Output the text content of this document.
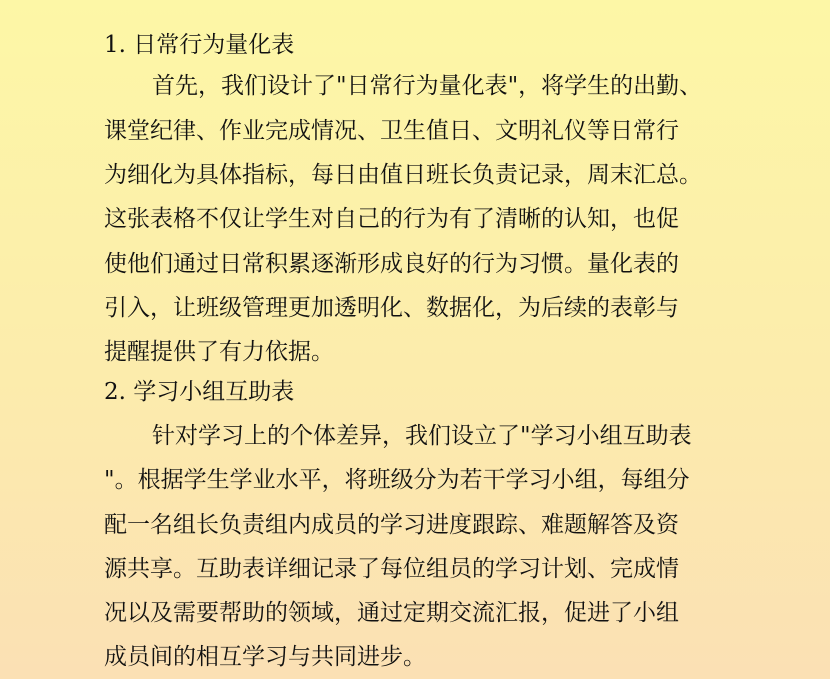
1. 日常行为量化表

首先，我们设计了"日常行为量化表"，将学生的出勤、

课堂纪律、作业完成情况、卫生值日、文明礼仪等日常行

为细化为具体指标，每日由值日班长负责记录，周末汇总。

这张表格不仅让学生对自己的行为有了清晰的认知，也促

使他们通过日常积累逐渐形成良好的行为习惯。量化表的

引入，让班级管理更加透明化、数据化，为后续的表彰与

提醒提供了有力依据。

2. 学习小组互助表

针对学习上的个体差异，我们设立了"学习小组互助表

"。根据学生学业水平，将班级分为若干学习小组，每组分

配一名组长负责组内成员的学习进度跟踪、难题解答及资

源共享。互助表详细记录了每位组员的学习计划、完成情

况以及需要帮助的领域，通过定期交流汇报，促进了小组

成员间的相互学习与共同进步。
